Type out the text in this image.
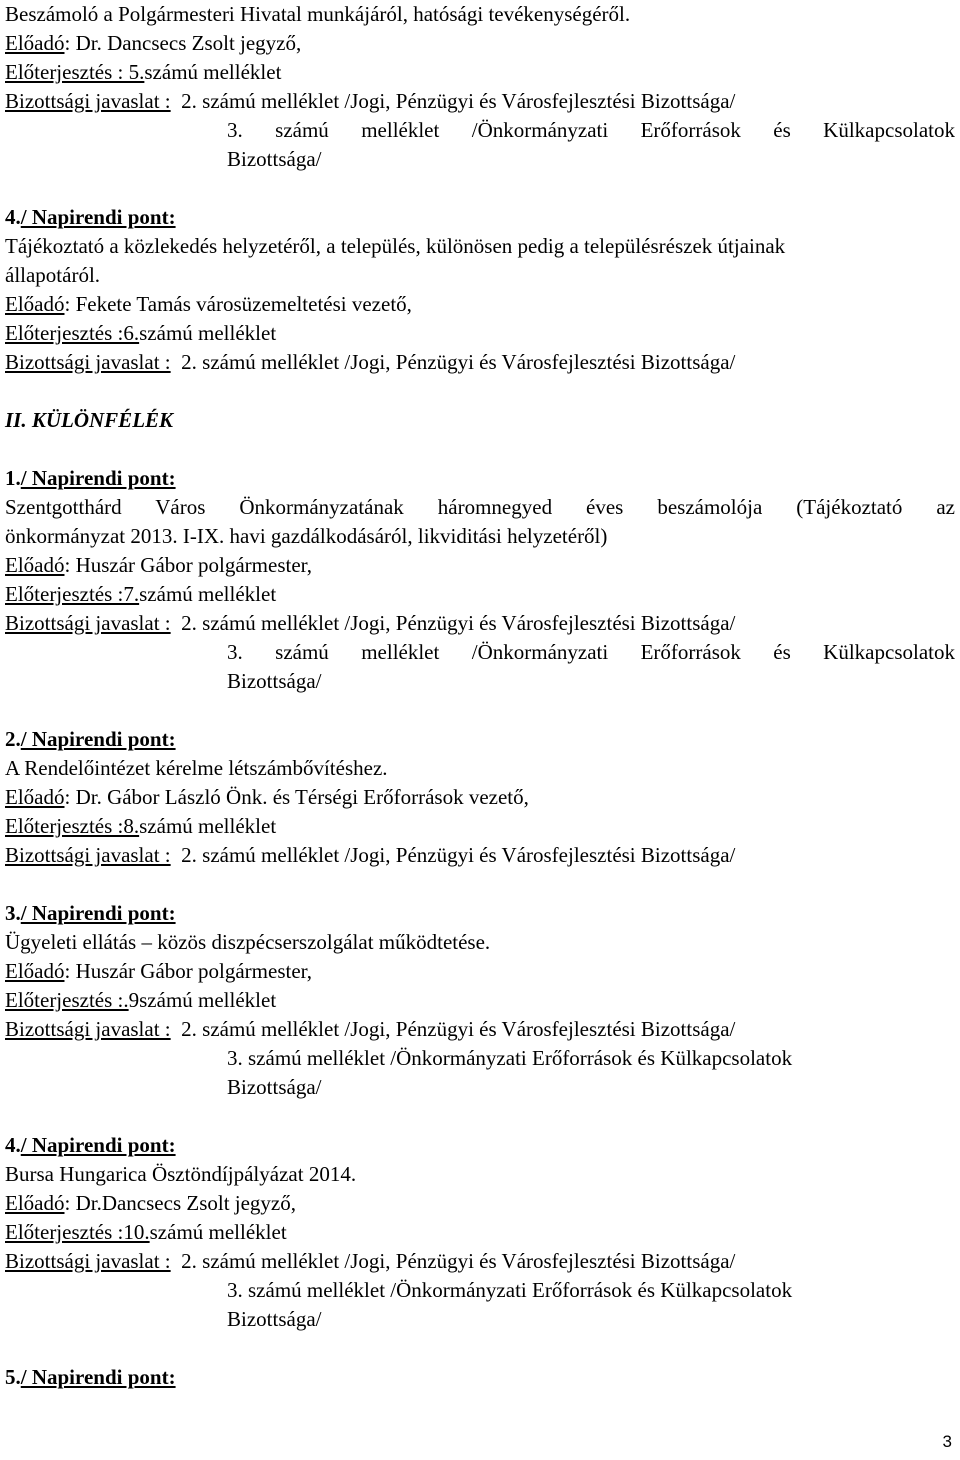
Beszámoló a Polgármesteri Hivatal munkájáról, hatósági tevékenységéről.
Előadó: Dr. Dancsecs Zsolt jegyző,
Előterjesztés : 5.számú melléklet
Bizottsági javaslat : 2. számú melléklet /Jogi, Pénzügyi és Városfejlesztési Bizottsága/
3. számú melléklet /Önkormányzati Erőforrások és Külkapcsolatok
Bizottsága/
4./ Napirendi pont:
Tájékoztató a közlekedés helyzetéről, a település, különösen pedig a településrészek útjainak
állapotáról.
Előadó: Fekete Tamás városüzemeltetési vezető,
Előterjesztés :6.számú melléklet
Bizottsági javaslat : 2. számú melléklet /Jogi, Pénzügyi és Városfejlesztési Bizottsága/
II. KÜLÖNFÉLÉK
1./ Napirendi pont:
Szentgotthárd Város Önkormányzatának háromnegyed éves beszámolója (Tájékoztató az
önkormányzat 2013. I-IX. havi gazdálkodásáról, likviditási helyzetéről)
Előadó: Huszár Gábor polgármester,
Előterjesztés :7.számú melléklet
Bizottsági javaslat : 2. számú melléklet /Jogi, Pénzügyi és Városfejlesztési Bizottsága/
3. számú melléklet /Önkormányzati Erőforrások és Külkapcsolatok
Bizottsága/
2./ Napirendi pont:
A Rendelőintézet kérelme létszámbővítéshez.
Előadó: Dr. Gábor László Önk. és Térségi Erőforrások vezető,
Előterjesztés :8.számú melléklet
Bizottsági javaslat : 2. számú melléklet /Jogi, Pénzügyi és Városfejlesztési Bizottsága/
3./ Napirendi pont:
Ügyeleti ellátás – közös diszpécserszolgálat működtetése.
Előadó: Huszár Gábor polgármester,
Előterjesztés :.9számú melléklet
Bizottsági javaslat : 2. számú melléklet /Jogi, Pénzügyi és Városfejlesztési Bizottsága/
3. számú melléklet /Önkormányzati Erőforrások és Külkapcsolatok
Bizottsága/
4./ Napirendi pont:
Bursa Hungarica Ösztöndíjpályázat 2014.
Előadó: Dr.Dancsecs Zsolt jegyző,
Előterjesztés :10.számú melléklet
Bizottsági javaslat : 2. számú melléklet /Jogi, Pénzügyi és Városfejlesztési Bizottsága/
3. számú melléklet /Önkormányzati Erőforrások és Külkapcsolatok
Bizottsága/
5./ Napirendi pont:
3
